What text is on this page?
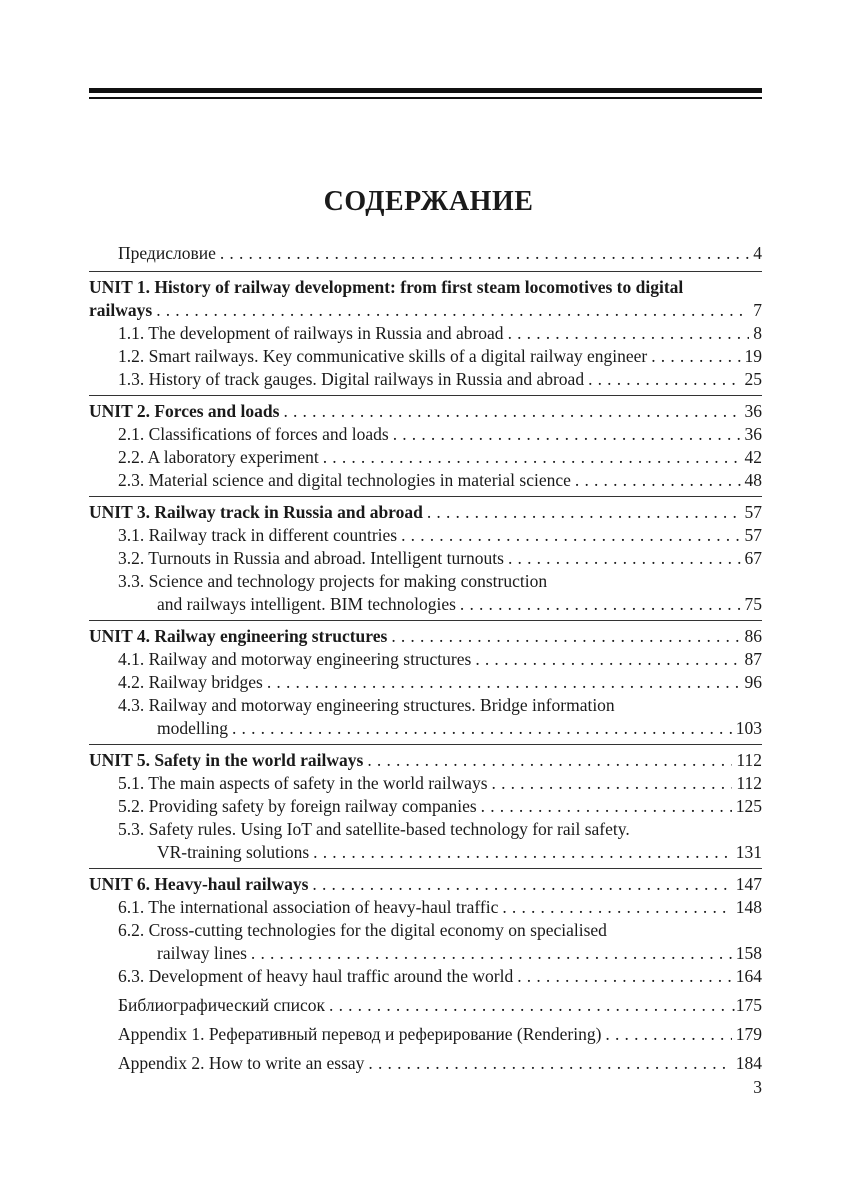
СОДЕРЖАНИЕ
Предисловие . . .	4
UNIT 1. History of railway development: from first steam locomotives to digital
railways . . .	7
1.1. The development of railways in Russia and abroad . . .	8
1.2. Smart railways. Key communicative skills of a digital railway engineer . . .	19
1.3. History of track gauges. Digital railways in Russia and abroad . . .	25
UNIT 2. Forces and loads . . .	36
2.1. Classifications of forces and loads . . .	36
2.2. A laboratory experiment . . .	42
2.3. Material science and digital technologies in material science . . .	48
UNIT 3. Railway track in Russia and abroad . . .	57
3.1. Railway track in different countries . . .	57
3.2. Turnouts in Russia and abroad. Intelligent turnouts . . .	67
3.3. Science and technology projects for making construction
and railways intelligent. BIM technologies . . .	75
UNIT 4. Railway engineering structures . . .	86
4.1. Railway and motorway engineering structures . . .	87
4.2. Railway bridges . . .	96
4.3. Railway and motorway engineering structures. Bridge information
modelling . . .	103
UNIT 5. Safety in the world railways . . .	112
5.1. The main aspects of safety in the world railways . . .	112
5.2. Providing safety by foreign railway companies . . .	125
5.3. Safety rules. Using IoT and satellite-based technology for rail safety.
VR-training solutions . . .	131
UNIT 6. Heavy-haul railways . . .	147
6.1. The international association of heavy-haul traffic . . .	148
6.2. Cross-cutting technologies for the digital economy on specialised
railway lines . . .	158
6.3. Development of heavy haul traffic around the world . . .	164
Библиографический список . . .	.175
Appendix 1. Реферативный перевод и реферирование (Rendering) . . .	179
Appendix 2. How to write an essay . . .	184
3
